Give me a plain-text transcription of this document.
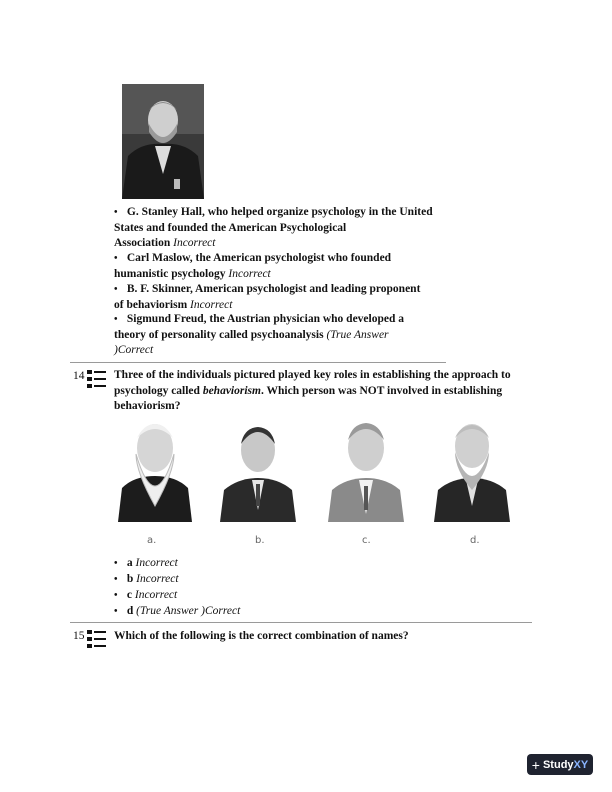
• G. Stanley Hall, who helped organize psychology in the United
States and founded the American Psychological
Association Incorrect
• Carl Maslow, the American psychologist who founded
humanistic psychology Incorrect
• B. F. Skinner, American psychologist and leading proponent
of behaviorism Incorrect
• Sigmund Freud, the Austrian physician who developed a
theory of personality called psychoanalysis (True Answer
)Correct
14	Three of the individuals pictured played key roles in establishing the approach to
psychology called behaviorism. Which person was NOT involved in establishing
behaviorism?
a.	b.	c.	d.
• a Incorrect
• b Incorrect
• c Incorrect
• d (True Answer )Correct
15	Which of the following is the correct combination of names?
+ StudyXY
